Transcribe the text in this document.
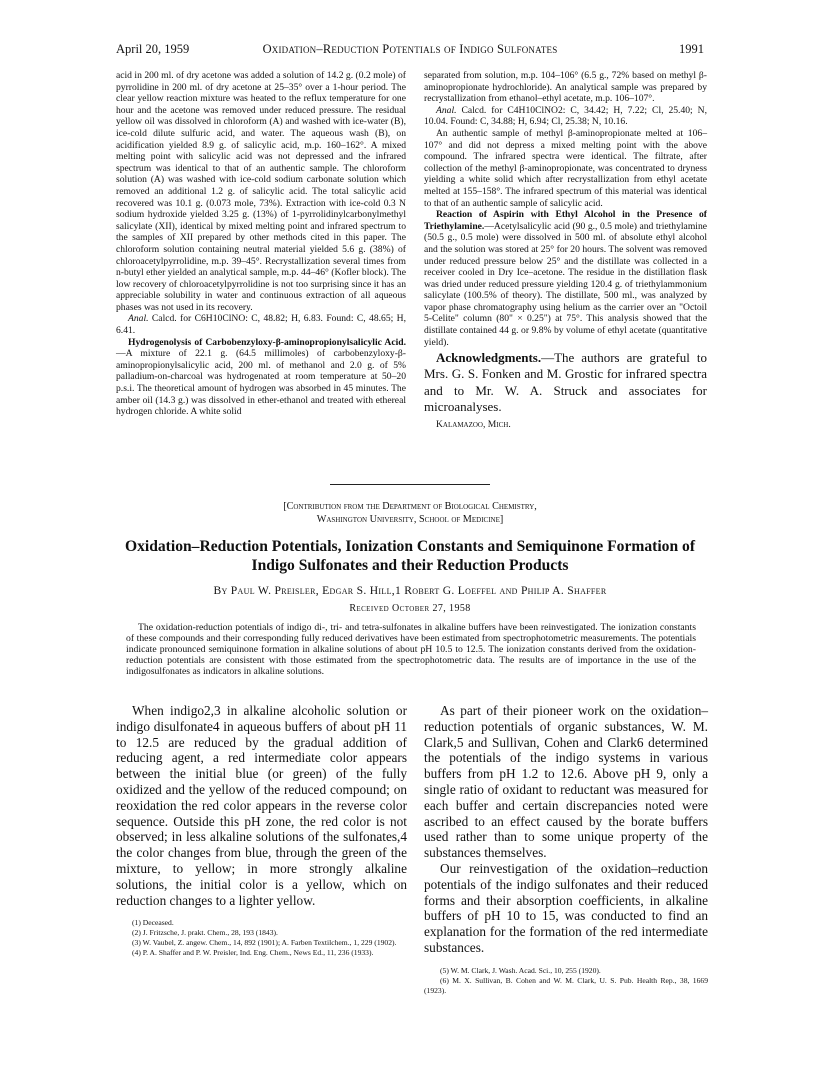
April 20, 1959	Oxidation–Reduction Potentials of Indigo Sulfonates	1991

acid in 200 ml. of dry acetone was added a solution of 14.2 g. (0.2 mole) of pyrrolidine in 200 ml. of dry acetone at 25–35° over a 1-hour period. The clear yellow reaction mixture was heated to the reflux temperature for one hour and the acetone was removed under reduced pressure. The residual yellow oil was dissolved in chloroform (A) and washed with ice-water (B), ice-cold dilute sulfuric acid, and water. The aqueous wash (B), on acidification yielded 8.9 g. of salicylic acid, m.p. 160–162°. A mixed melting point with salicylic acid was not depressed and the infrared spectrum was identical to that of an authentic sample. The chloroform solution (A) was washed with ice-cold sodium carbonate solution which removed an additional 1.2 g. of salicylic acid. The total salicylic acid recovered was 10.1 g. (0.073 mole, 73%). Extraction with ice-cold 0.3 N sodium hydroxide yielded 3.25 g. (13%) of 1-pyrrolidinylcarbonylmethyl salicylate (XII), identical by mixed melting point and infrared spectrum to the samples of XII prepared by other methods cited in this paper. The chloroform solution containing neutral material yielded 5.6 g. (38%) of chloroacetylpyrrolidine, m.p. 39–45°. Recrystallization several times from n-butyl ether yielded an analytical sample, m.p. 44–46° (Kofler block). The low recovery of chloroacetylpyrrolidine is not too surprising since it has an appreciable solubility in water and continuous extraction of all aqueous phases was not used in its recovery.

Anal. Calcd. for C6H10ClNO: C, 48.82; H, 6.83. Found: C, 48.65; H, 6.41.

Hydrogenolysis of Carbobenzyloxy-β-aminopropionylsalicylic Acid.—A mixture of 22.1 g. (64.5 millimoles) of carbobenzyloxy-β-aminopropionylsalicylic acid, 200 ml. of methanol and 2.0 g. of 5% palladium-on-charcoal was hydrogenated at room temperature at 50–20 p.s.i. The theoretical amount of hydrogen was absorbed in 45 minutes. The amber oil (14.3 g.) was dissolved in ether-ethanol and treated with ethereal hydrogen chloride. A white solid

separated from solution, m.p. 104–106° (6.5 g., 72% based on methyl β-aminopropionate hydrochloride). An analytical sample was prepared by recrystallization from ethanol–ethyl acetate, m.p. 106–107°.

Anal. Calcd. for C4H10ClNO2: C, 34.42; H, 7.22; Cl, 25.40; N, 10.04. Found: C, 34.88; H, 6.94; Cl, 25.38; N, 10.16.

An authentic sample of methyl β-aminopropionate melted at 106–107° and did not depress a mixed melting point with the above compound. The infrared spectra were identical. The filtrate, after collection of the methyl β-aminopropionate, was concentrated to dryness yielding a white solid which after recrystallization from ethyl acetate melted at 155–158°. The infrared spectrum of this material was identical to that of an authentic sample of salicylic acid.

Reaction of Aspirin with Ethyl Alcohol in the Presence of Triethylamine.—Acetylsalicylic acid (90 g., 0.5 mole) and triethylamine (50.5 g., 0.5 mole) were dissolved in 500 ml. of absolute ethyl alcohol and the solution was stored at 25° for 20 hours. The solvent was removed under reduced pressure below 25° and the distillate was collected in a receiver cooled in Dry Ice–acetone. The residue in the distillation flask was dried under reduced pressure yielding 120.4 g. of triethylammonium salicylate (100.5% of theory). The distillate, 500 ml., was analyzed by vapor phase chromatography using helium as the carrier over an "Octoil 5-Celite" column (80" × 0.25") at 75°. This analysis showed that the distillate contained 44 g. or 9.8% by volume of ethyl acetate (quantitative yield).

Acknowledgments.—The authors are grateful to Mrs. G. S. Fonken and M. Grostic for infrared spectra and to Mr. W. A. Struck and associates for microanalyses.
Kalamazoo, Mich.
[Contribution from the Department of Biological Chemistry,
Washington University, School of Medicine]
Oxidation–Reduction Potentials, Ionization Constants and Semiquinone Formation of Indigo Sulfonates and their Reduction Products
By Paul W. Preisler, Edgar S. Hill,1 Robert G. Loeffel and Philip A. Shaffer
Received October 27, 1958
The oxidation-reduction potentials of indigo di-, tri- and tetra-sulfonates in alkaline buffers have been reinvestigated. The ionization constants of these compounds and their corresponding fully reduced derivatives have been estimated from spectrophotometric measurements. The potentials indicate pronounced semiquinone formation in alkaline solutions of about pH 10.5 to 12.5. The ionization constants derived from the oxidation-reduction potentials are consistent with those estimated from the spectrophotometric data. The results are of importance in the use of the indigosulfonates as indicators in alkaline solutions.

When indigo2,3 in alkaline alcoholic solution or indigo disulfonate4 in aqueous buffers of about pH 11 to 12.5 are reduced by the gradual addition of reducing agent, a red intermediate color appears between the initial blue (or green) of the fully oxidized and the yellow of the reduced compound; on reoxidation the red color appears in the reverse color sequence. Outside this pH zone, the red color is not observed; in less alkaline solutions of the sulfonates,4 the color changes from blue, through the green of the mixture, to yellow; in more strongly alkaline solutions, the initial color is a yellow, which on reduction changes to a lighter yellow.

(1) Deceased.

(2) J. Fritzsche, J. prakt. Chem., 28, 193 (1843).

(3) W. Vaubel, Z. angew. Chem., 14, 892 (1901); A. Farben Textilchem., 1, 229 (1902).

(4) P. A. Shaffer and P. W. Preisler, Ind. Eng. Chem., News Ed., 11, 236 (1933).

As part of their pioneer work on the oxidation–reduction potentials of organic substances, W. M. Clark,5 and Sullivan, Cohen and Clark6 determined the potentials of the indigo systems in various buffers from pH 1.2 to 12.6. Above pH 9, only a single ratio of oxidant to reductant was measured for each buffer and certain discrepancies noted were ascribed to an effect caused by the borate buffers used rather than to some unique property of the substances themselves.

Our reinvestigation of the oxidation–reduction potentials of the indigo sulfonates and their reduced forms and their absorption coefficients, in alkaline buffers of pH 10 to 15, was conducted to find an explanation for the formation of the red intermediate substances.

(5) W. M. Clark, J. Wash. Acad. Sci., 10, 255 (1920).

(6) M. X. Sullivan, B. Cohen and W. M. Clark, U. S. Pub. Health Rep., 38, 1669 (1923).
